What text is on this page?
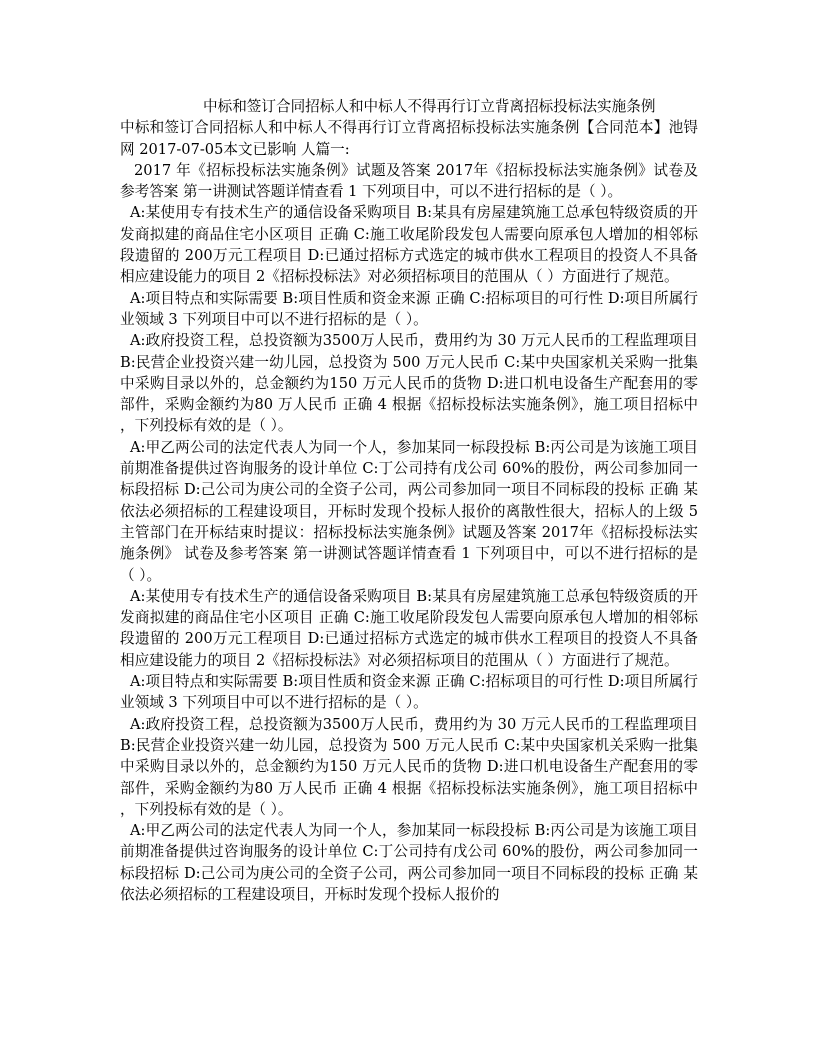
中标和签订合同招标人和中标人不得再行订立背离招标投标法实施条例
中标和签订合同招标人和中标人不得再行订立背离招标投标法实施条例【合同范本】池锝网 2017-07-05本文已影响 人篇一:
2017 年《招标投标法实施条例》试题及答案 2017年《招标投标法实施条例》试卷及参考答案 第一讲测试答题详情查看 1 下列项目中，可以不进行招标的是（ ）。
A:某使用专有技术生产的通信设备采购项目 B:某具有房屋建筑施工总承包特级资质的开发商拟建的商品住宅小区项目 正确 C:施工收尾阶段发包人需要向原承包人增加的相邻标段遗留的 200万元工程项目 D:已通过招标方式选定的城市供水工程项目的投资人不具备相应建设能力的项目 2《招标投标法》对必须招标项目的范围从（ ）方面进行了规范。
A:项目特点和实际需要 B:项目性质和资金来源 正确 C:招标项目的可行性 D:项目所属行业领域 3 下列项目中可以不进行招标的是（ ）。
A:政府投资工程，总投资额为3500万人民币，费用约为 30 万元人民币的工程监理项目 B:民营企业投资兴建一幼儿园，总投资为 500 万元人民币 C:某中央国家机关采购一批集中采购目录以外的，总金额约为150 万元人民币的货物 D:进口机电设备生产配套用的零部件，采购金额约为80 万人民币 正确 4 根据《招标投标法实施条例》，施工项目招标中，下列投标有效的是（ ）。
A:甲乙两公司的法定代表人为同一个人，参加某同一标段投标 B:丙公司是为该施工项目前期准备提供过咨询服务的设计单位 C:丁公司持有戊公司 60%的股份，两公司参加同一标段招标 D:己公司为庚公司的全资子公司，两公司参加同一项目不同标段的投标 正确 某依法必须招标的工程建设项目，开标时发现个投标人报价的离散性很大，招标人的上级 5 主管部门在开标结束时提议：招标投标法实施条例》试题及答案 2017年《招标投标法实施条例》 试卷及参考答案 第一讲测试答题详情查看 1 下列项目中，可以不进行招标的是（ ）。
A:某使用专有技术生产的通信设备采购项目 B:某具有房屋建筑施工总承包特级资质的开发商拟建的商品住宅小区项目 正确 C:施工收尾阶段发包人需要向原承包人增加的相邻标段遗留的 200万元工程项目 D:已通过招标方式选定的城市供水工程项目的投资人不具备相应建设能力的项目 2《招标投标法》对必须招标项目的范围从（ ）方面进行了规范。
A:项目特点和实际需要 B:项目性质和资金来源 正确 C:招标项目的可行性 D:项目所属行业领域 3 下列项目中可以不进行招标的是（ ）。
A:政府投资工程，总投资额为3500万人民币，费用约为 30 万元人民币的工程监理项目 B:民营企业投资兴建一幼儿园，总投资为 500 万元人民币 C:某中央国家机关采购一批集中采购目录以外的，总金额约为150 万元人民币的货物 D:进口机电设备生产配套用的零部件，采购金额约为80 万人民币 正确 4 根据《招标投标法实施条例》，施工项目招标中，下列投标有效的是（ ）。
A:甲乙两公司的法定代表人为同一个人，参加某同一标段投标 B:丙公司是为该施工项目前期准备提供过咨询服务的设计单位 C:丁公司持有戊公司 60%的股份，两公司参加同一标段招标 D:己公司为庚公司的全资子公司，两公司参加同一项目不同标段的投标 正确 某依法必须招标的工程建设项目，开标时发现个投标人报价的
